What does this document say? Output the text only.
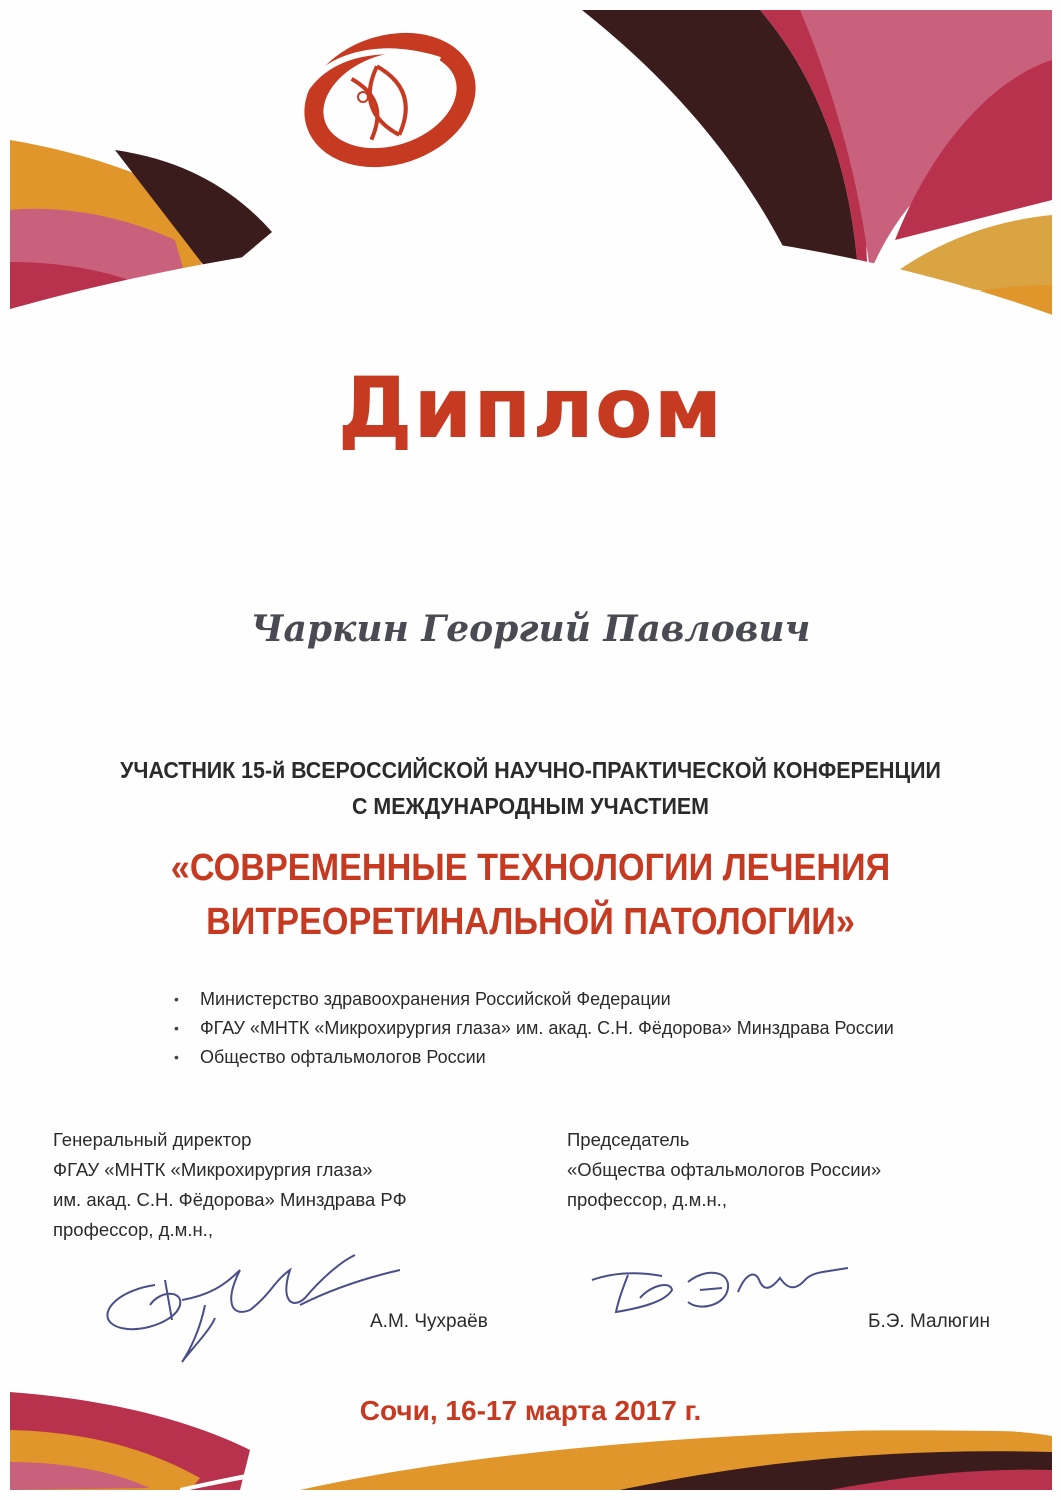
Диплом
Чаркин Георгий Павлович
УЧАСТНИК 15-й ВСЕРОССИЙСКОЙ НАУЧНО-ПРАКТИЧЕСКОЙ КОНФЕРЕНЦИИ
С МЕЖДУНАРОДНЫМ УЧАСТИЕМ
«СОВРЕМЕННЫЕ ТЕХНОЛОГИИ ЛЕЧЕНИЯ
ВИТРЕОРЕТИНАЛЬНОЙ ПАТОЛОГИИ»
• Министерство здравоохранения Российской Федерации
• ФГАУ «МНТК «Микрохирургия глаза» им. акад. С.Н. Фёдорова» Минздрава России
• Общество офтальмологов России
Генеральный директор
ФГАУ «МНТК «Микрохирургия глаза»
им. акад. С.Н. Фёдорова» Минздрава РФ
профессор, д.м.н.,
Председатель
«Общества офтальмологов России»
профессор, д.м.н.,
А.М. Чухраёв	Б.Э. Малюгин
Сочи, 16-17 марта 2017 г.
